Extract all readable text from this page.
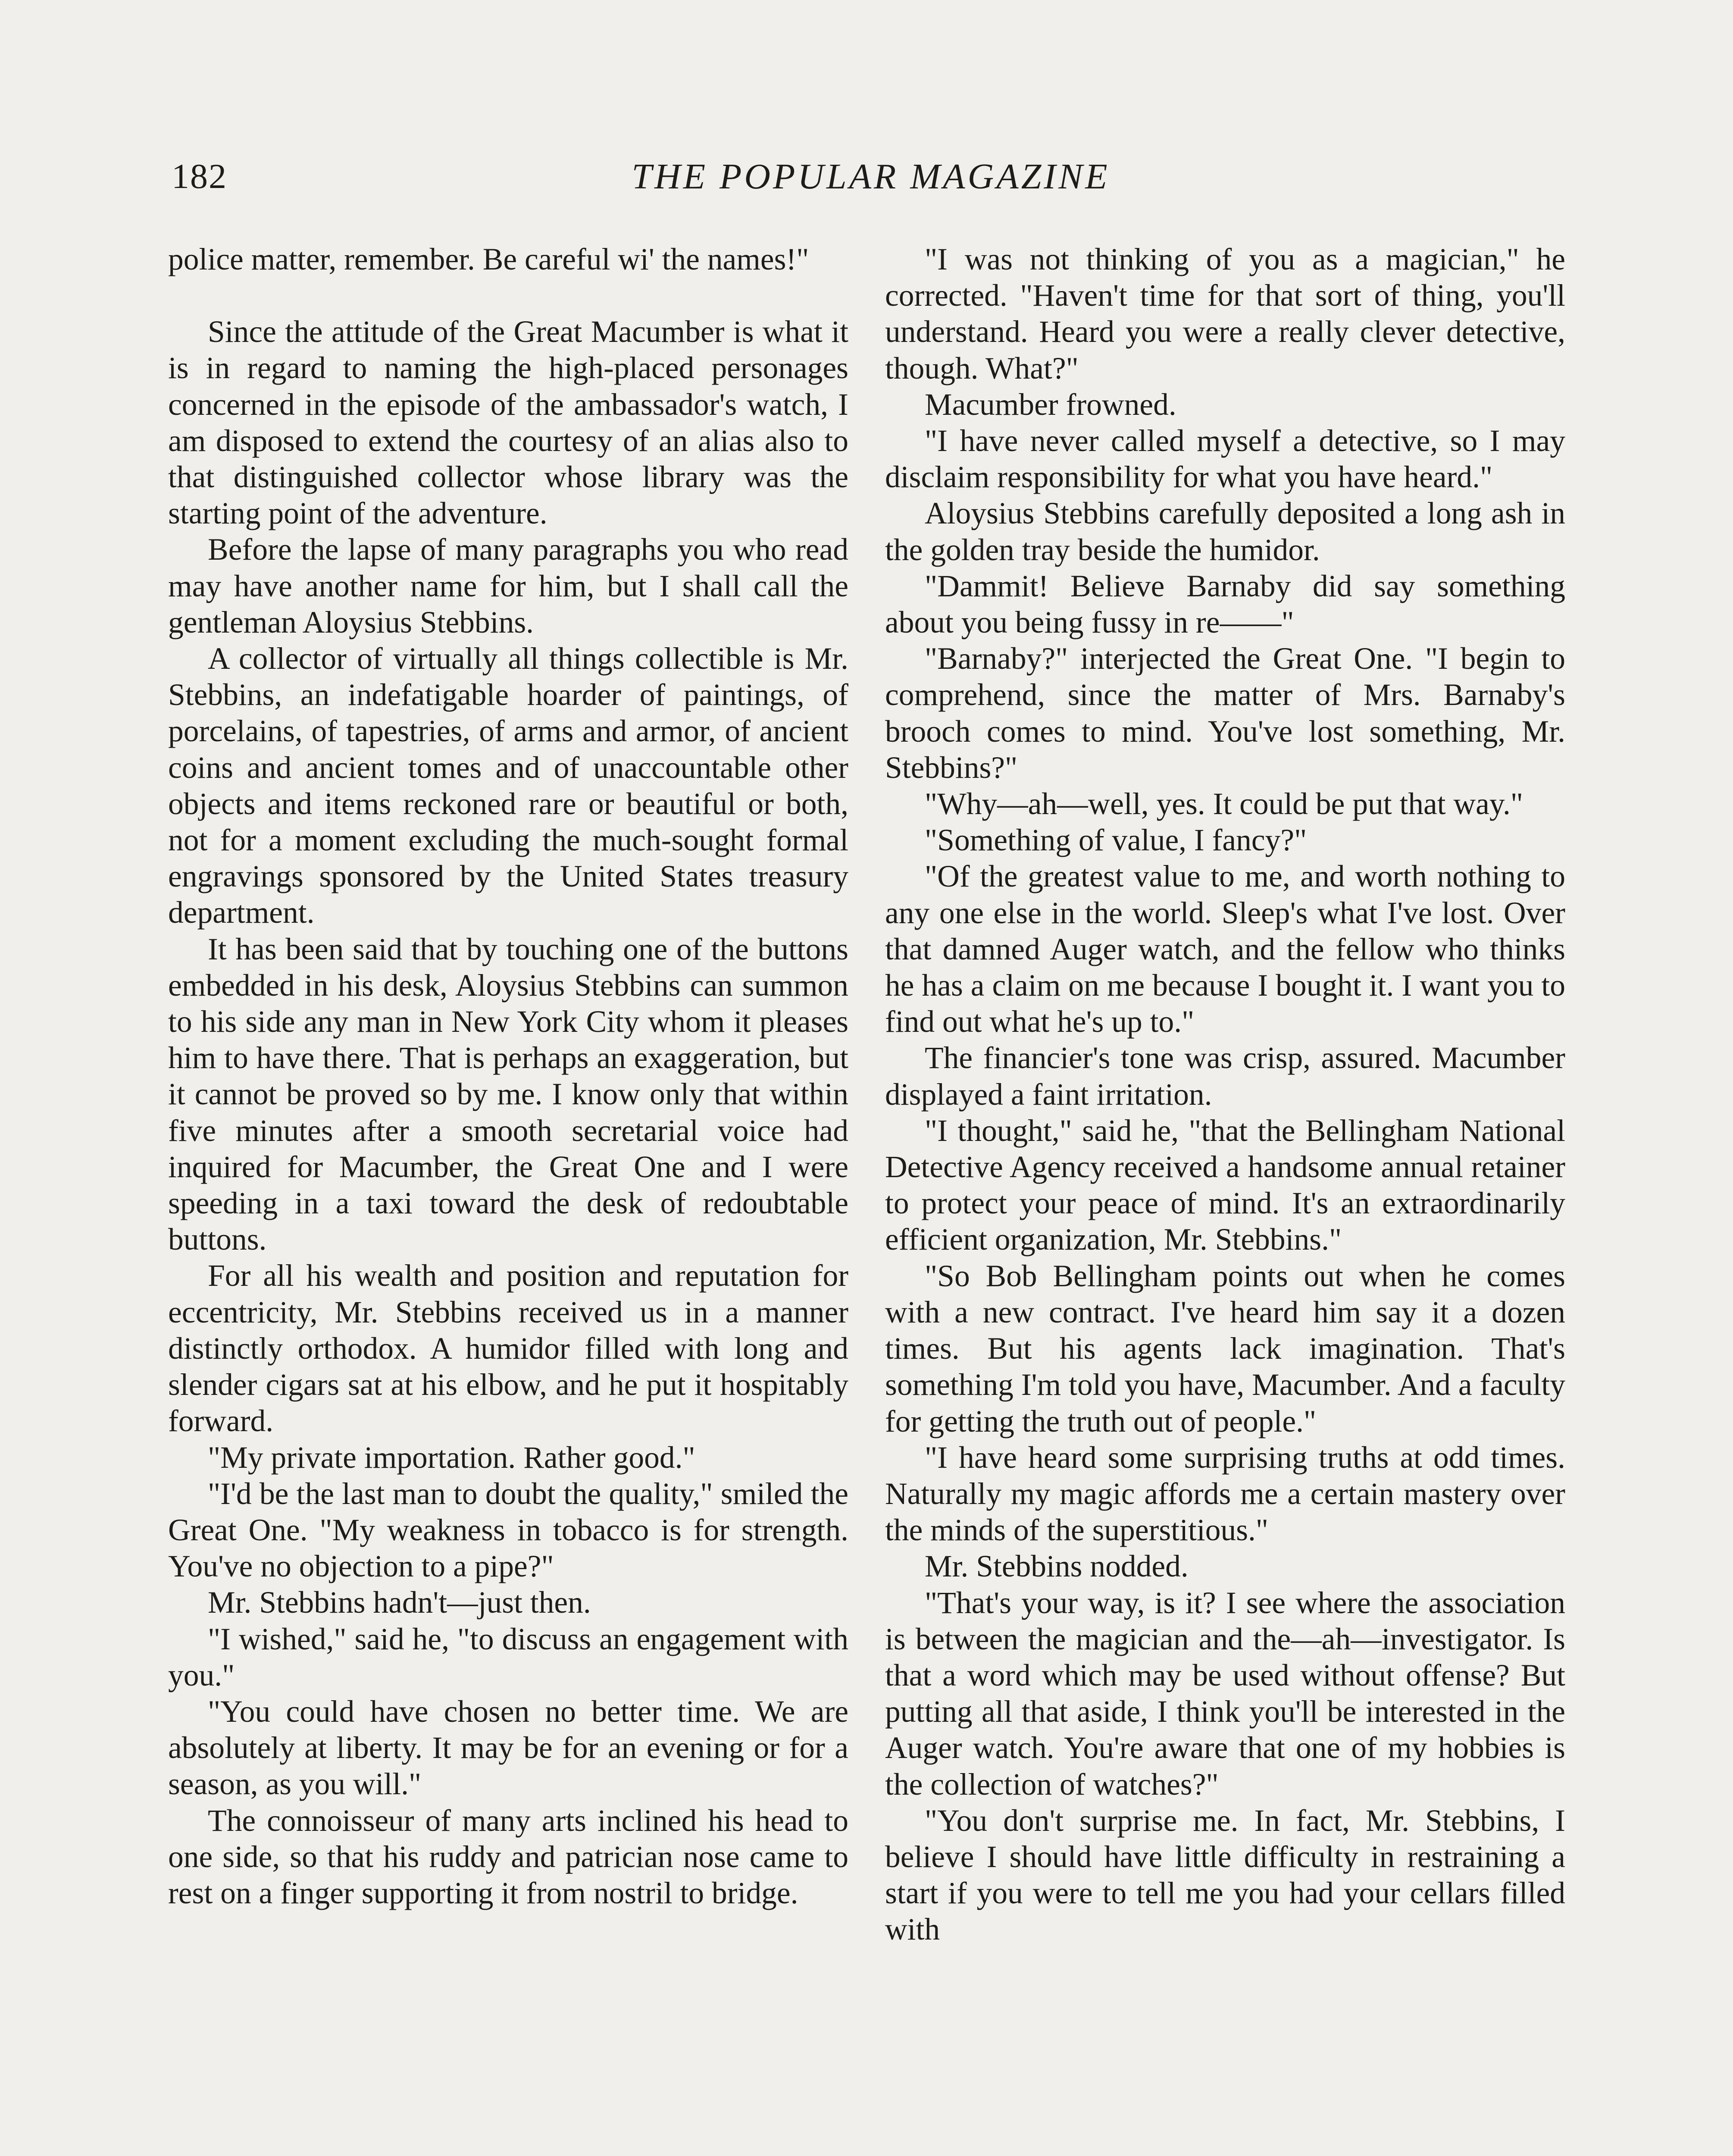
182	THE POPULAR MAGAZINE

police matter, remember. Be careful wi' the names!"

Since the attitude of the Great Macumber is what it is in regard to naming the high-placed personages concerned in the episode of the ambassador's watch, I am disposed to extend the courtesy of an alias also to that distinguished collector whose library was the starting point of the adventure.

Before the lapse of many paragraphs you who read may have another name for him, but I shall call the gentleman Aloysius Stebbins.

A collector of virtually all things collectible is Mr. Stebbins, an indefatigable hoarder of paintings, of porcelains, of tapestries, of arms and armor, of ancient coins and ancient tomes and of unaccountable other objects and items reckoned rare or beautiful or both, not for a moment excluding the much-sought formal engravings sponsored by the United States treasury department.

It has been said that by touching one of the buttons embedded in his desk, Aloysius Stebbins can summon to his side any man in New York City whom it pleases him to have there. That is perhaps an exaggeration, but it cannot be proved so by me. I know only that within five minutes after a smooth secretarial voice had inquired for Macumber, the Great One and I were speeding in a taxi toward the desk of redoubtable buttons.

For all his wealth and position and reputation for eccentricity, Mr. Stebbins received us in a manner distinctly orthodox. A humidor filled with long and slender cigars sat at his elbow, and he put it hospitably forward.

"My private importation. Rather good."

"I'd be the last man to doubt the quality," smiled the Great One. "My weakness in tobacco is for strength. You've no objection to a pipe?"

Mr. Stebbins hadn't—just then.

"I wished," said he, "to discuss an engagement with you."

"You could have chosen no better time. We are absolutely at liberty. It may be for an evening or for a season, as you will."

The connoisseur of many arts inclined his head to one side, so that his ruddy and patrician nose came to rest on a finger supporting it from nostril to bridge.

"I was not thinking of you as a magician," he corrected. "Haven't time for that sort of thing, you'll understand. Heard you were a really clever detective, though. What?"

Macumber frowned.

"I have never called myself a detective, so I may disclaim responsibility for what you have heard."

Aloysius Stebbins carefully deposited a long ash in the golden tray beside the humidor.

"Dammit! Believe Barnaby did say something about you being fussy in re——"

"Barnaby?" interjected the Great One. "I begin to comprehend, since the matter of Mrs. Barnaby's brooch comes to mind. You've lost something, Mr. Stebbins?"

"Why—ah—well, yes. It could be put that way."

"Something of value, I fancy?"

"Of the greatest value to me, and worth nothing to any one else in the world. Sleep's what I've lost. Over that damned Auger watch, and the fellow who thinks he has a claim on me because I bought it. I want you to find out what he's up to."

The financier's tone was crisp, assured. Macumber displayed a faint irritation.

"I thought," said he, "that the Bellingham National Detective Agency received a handsome annual retainer to protect your peace of mind. It's an extraordinarily efficient organization, Mr. Stebbins."

"So Bob Bellingham points out when he comes with a new contract. I've heard him say it a dozen times. But his agents lack imagination. That's something I'm told you have, Macumber. And a faculty for getting the truth out of people."

"I have heard some surprising truths at odd times. Naturally my magic affords me a certain mastery over the minds of the superstitious."

Mr. Stebbins nodded.

"That's your way, is it? I see where the association is between the magician and the—ah—investigator. Is that a word which may be used without offense? But putting all that aside, I think you'll be interested in the Auger watch. You're aware that one of my hobbies is the collection of watches?"

"You don't surprise me. In fact, Mr. Stebbins, I believe I should have little difficulty in restraining a start if you were to tell me you had your cellars filled with
